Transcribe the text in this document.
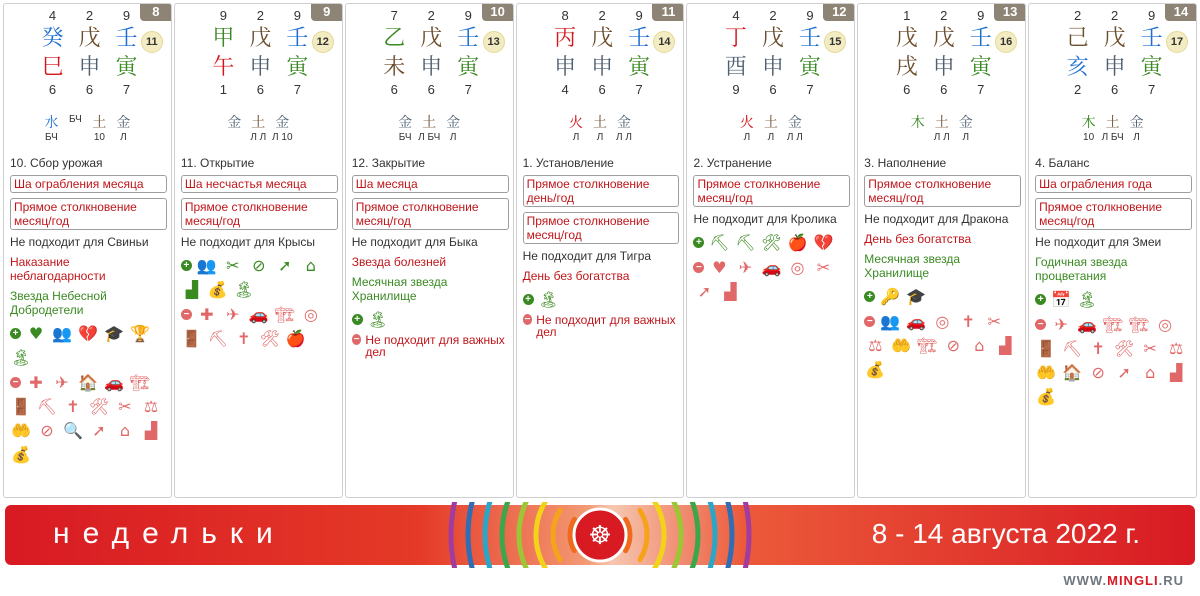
8
11
4
癸
巳
6
2
戊
申
6
9
壬
寅
7
水
БЧ
БЧ 土
10
金
Л
10. Сбор урожая
Ша ограбления месяца
Прямое столкновение месяц/год
Не подходит для Свиньи
Наказание неблагодарности
Звезда Небесной Добродетели
+ ♥ 👥 💔 🎓 🏆
🏝
− ✚ ✈ 🏠 🚗 🏗
🚪 ⛏ ✝ 🛠 ✂ ⚖
🤲 ⊘ 🔍 ➚ ⌂ ▟
💰
9
12
9
甲
午
1
2
戊
申
6
9
壬
寅
7
金 土
Л Л
金
Л 10
11. Открытие
Ша несчастья месяца
Прямое столкновение месяц/год
Не подходит для Крысы
+ 👥 ✂ ⊘ ➚ ⌂
▟ 💰 🏝
− ✚ ✈ 🚗 🏗 ◎
🚪 ⛏ ✝ 🛠 🍎
10
13
7
乙
未
6
2
戊
申
6
9
壬
寅
7
金
БЧ
土
Л БЧ
金
Л
12. Закрытие
Ша месяца
Прямое столкновение месяц/год
Не подходит для Быка
Звезда болезней
Месячная звезда Хранилище
+ 🏝
− Не подходит для важных дел
11
14
8
丙
申
4
2
戊
申
6
9
壬
寅
7
火
Л
土
Л
金
Л Л
1. Установление
Прямое столкновение день/год
Прямое столкновение месяц/год
Не подходит для Тигра
День без богатства
+ 🏝
− Не подходит для важных дел
12
15
4
丁
酉
9
2
戊
申
6
9
壬
寅
7
火
Л
土
Л
金
Л Л
2. Устранение
Прямое столкновение месяц/год
Не подходит для Кролика
+ ⛏ ⛏ 🛠 🍎 💔
− ♥ ✈ 🚗 ◎ ✂
➚ ▟
13
16
1
戊
戌
6
2
戊
申
6
9
壬
寅
7
木 土
Л Л
金
Л
3. Наполнение
Прямое столкновение месяц/год
Не подходит для Дракона
День без богатства
Месячная звезда Хранилище
+ 🔑 🎓
− 👥 🚗 ◎ ✝ ✂
⚖ 🤲 🏗 ⊘ ⌂ ▟
💰
14
17
2
己
亥
2
2
戊
申
6
9
壬
寅
7
木
10
土
Л БЧ
金
Л
4. Баланс
Ша ограбления года
Прямое столкновение месяц/год
Не подходит для Змеи
Годичная звезда процветания
+ 📅 🏝
− ✈ 🚗 🏗 🏗 ◎
🚪 ⛏ ✝ 🛠 ✂ ⚖
🤲 🏠 ⊘ ➚ ⌂ ▟
💰
недельки	☸	8 - 14 августа 2022 г.
WWW.MINGLI.RU
